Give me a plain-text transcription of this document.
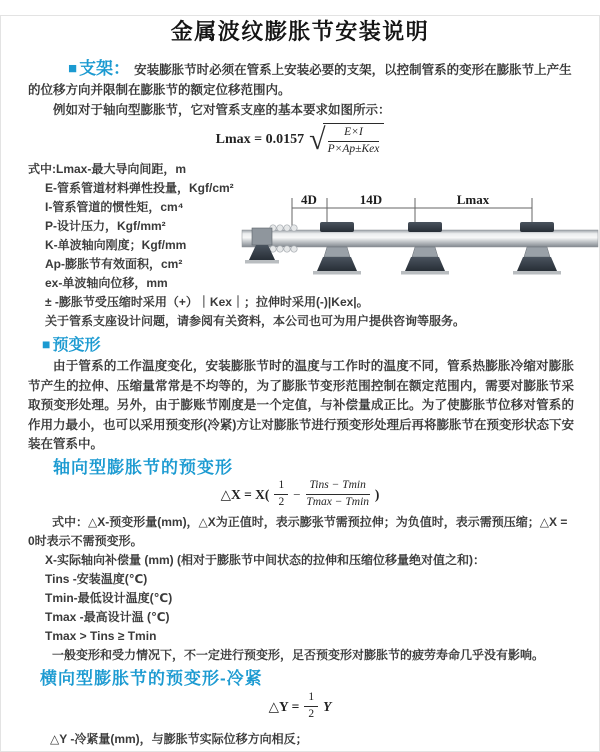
金属波纹膨胀节安装说明

■ 支架： 安装膨胀节时必须在管系上安装必要的支架，以控制管系的变形在膨胀节上产生的位移方向并限制在膨胀节的额定位移范围内。

例如对于轴向型膨胀节，它对管系支座的基本要求如图所示：

Lmax = 0.0157 √ $\frac{E\times I}{\text{P×Ap±Kex}}$
式中:Lmax-最大导向间距，m
E-管系管道材料弹性投量，Kgf/cm²
I-管系管道的惯性矩，cm⁴
P-设计压力，Kgf/mm²
K-单波轴向刚度；Kgf/mm
Ap-膨胀节有效面积，cm²
ex-单波轴向位移，mm
± -膨胀节受压缩时采用（+）｜Kex｜；拉伸时采用(-)|Kex|。
关于管系支座设计问题，请参阅有关资料，本公司也可为用户提供咨询等服务。
4D	14D	Lmax
■ 预变形

由于管系的工作温度变化，安装膨胀节时的温度与工作时的温度不同，管系热膨胀冷缩对膨胀节产生的拉伸、压缩量常常是不均等的，为了膨胀节变形范围控制在额定范围内，需要对膨胀节采取预变形处理。另外，由于膨账节刚度是一个定值，与补偿量成正比。为了使膨胀节位移对管系的作用力最小，也可以采用预变形(冷紧)方让对膨胀节进行预变形处理后再将膨胀节在预变形状态下安装在管系中。

轴向型膨胀节的预变形
△X = $X( \frac{1}{2} - \frac{\text{Tins − Tmin}}{Tmax - Tmin}$ )

式中：△X-预变形量(mm)，△X为正值时，表示膨张节需预拉伸；为负值时，表示需预压缩；△X = 0时表示不需预变形。

X-实际轴向补偿量 (mm) (相对于膨胀节中间状态的拉伸和压缩位移量绝对值之和)：
Tins -安装温度(℃)
Tmin-最低设计温度(℃)
Tmax -最高设计温 (℃)
Tmax > Tins ≥ Tmin
一般变形和受力情况下，不一定进行预变形，足否预变形对膨胀节的疲劳寿命几乎没有影响。
横向型膨胀节的预变形-冷紧
△Y = $\frac{1}{2}$ Y

△Y -冷紧量(mm)，与膨胀节实际位移方向相反；
